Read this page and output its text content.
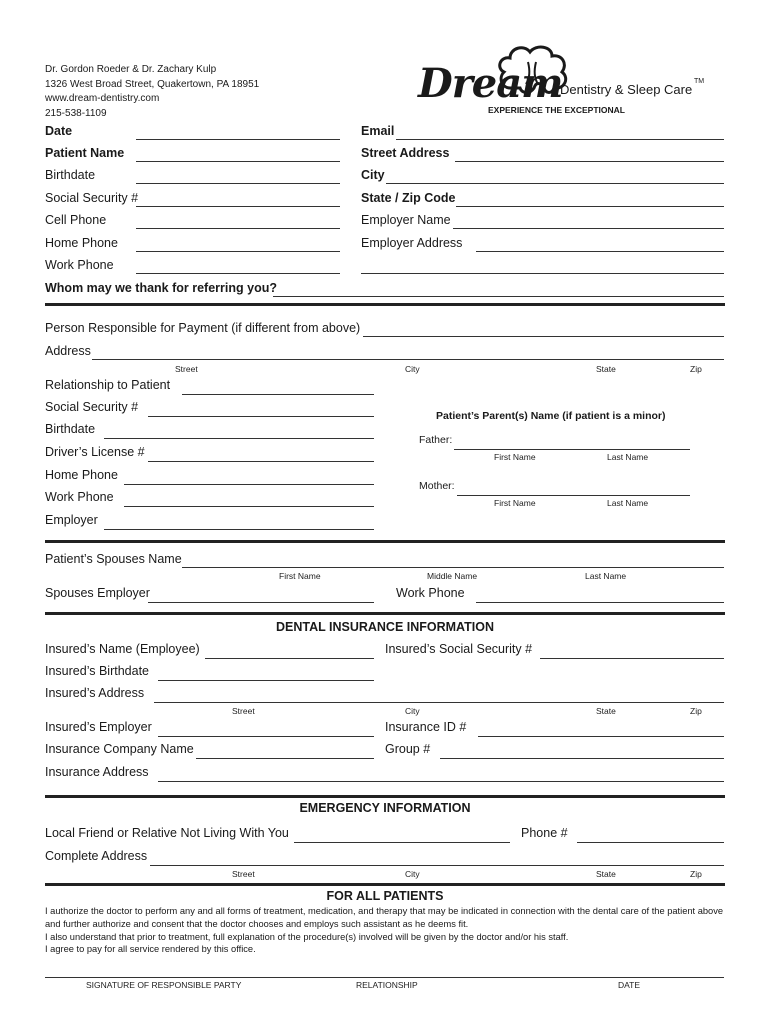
Dr. Gordon Roeder & Dr. Zachary Kulp
1326 West Broad Street, Quakertown, PA 18951
www.dream-dentistry.com
215-538-1109
Dream
Dentistry & Sleep Care
TM
EXPERIENCE THE EXCEPTIONAL
Date
Patient Name
Birthdate
Social Security #
Cell Phone
Home Phone
Work Phone
Email
Street Address
City
State / Zip Code
Employer Name
Employer Address
Whom may we thank for referring you?
Person Responsible for Payment (if different from above)
Address
Street	City	State	Zip
Relationship to Patient
Social Security #
Birthdate
Driver’s License #
Home Phone
Work Phone
Employer
Patient’s Parent(s) Name (if patient is a minor)
Father:
First Name	Last Name
Mother:
First Name	Last Name
Patient’s Spouses Name
First Name	Middle Name	Last Name
Spouses Employer	Work Phone
DENTAL INSURANCE INFORMATION
Insured’s Name (Employee)	Insured’s Social Security #
Insured’s Birthdate
Insured’s Address
Street	City	State	Zip
Insured’s Employer	Insurance ID #
Insurance Company Name	Group #
Insurance Address
EMERGENCY INFORMATION
Local Friend or Relative Not Living With You	Phone #
Complete Address
Street	City	State	Zip
FOR ALL PATIENTS
I authorize the doctor to perform any and all forms of treatment, medication, and therapy that may be indicated in connection with the dental care of the patient above and further authorize and consent that the doctor chooses and employs such assistant as he deems fit.
I also understand that prior to treatment, full explanation of the procedure(s) involved will be given by the doctor and/or his staff.
I agree to pay for all service rendered by this office.
SIGNATURE OF RESPONSIBLE PARTY	RELATIONSHIP	DATE
